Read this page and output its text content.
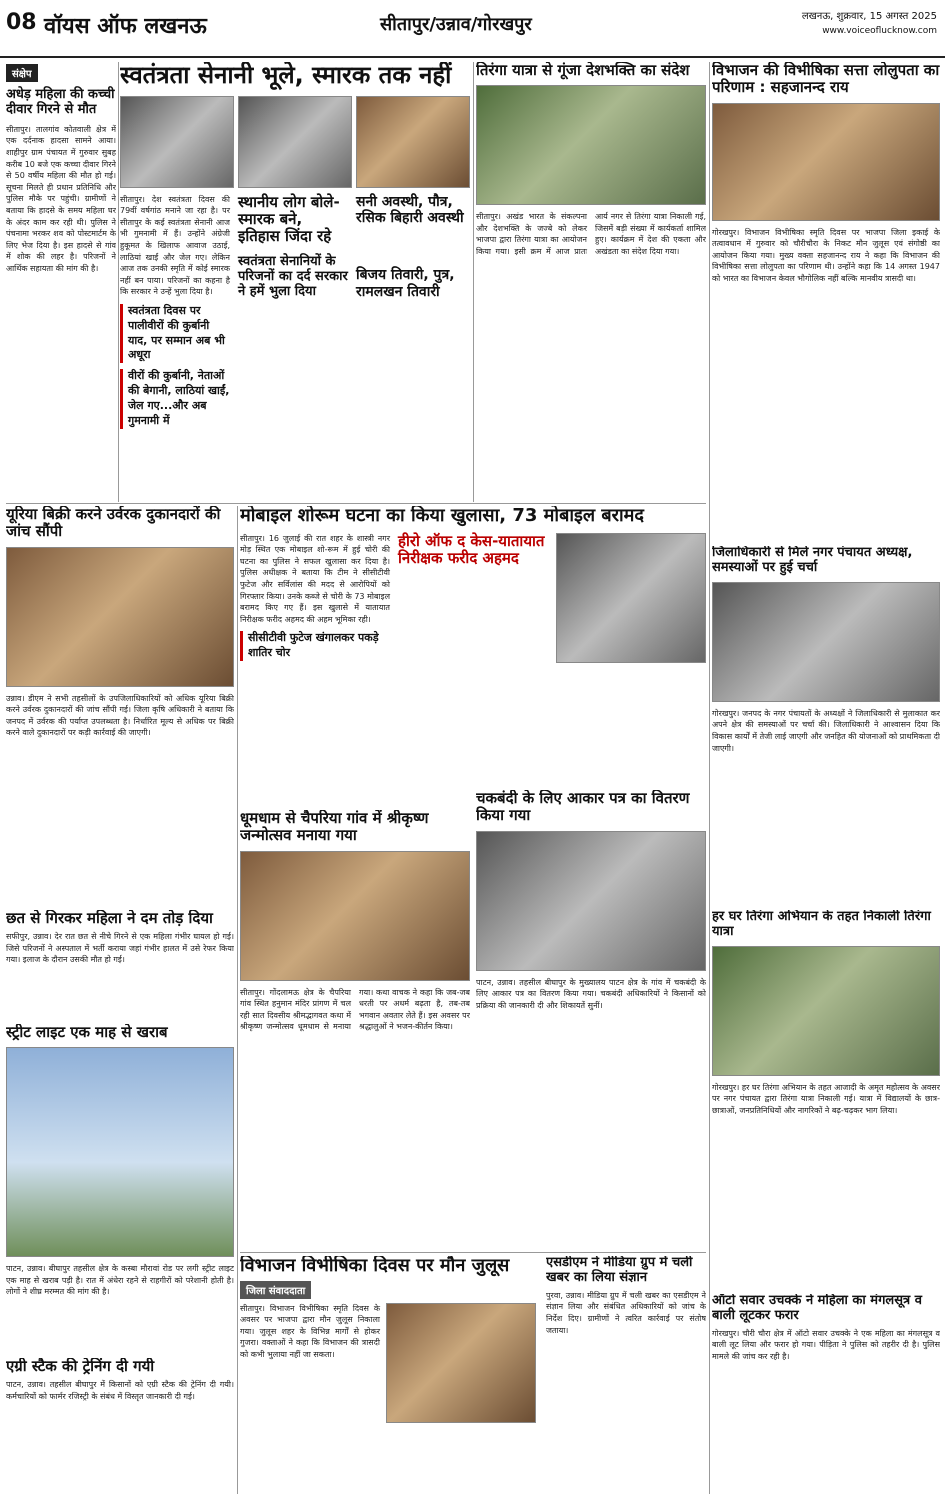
08 वॉयस ऑफ लखनऊ	सीतापुर/उन्नाव/गोरखपुर	लखनऊ, शुक्रवार, 15 अगस्त 2025
www.voiceoflucknow.com
संक्षेप
अधेड़ महिला की कच्ची दीवार गिरने से मौत
सीतापुर। तालगांव कोतवाली क्षेत्र में एक दर्दनाक हादसा सामने आया। शाहीपुर ग्राम पंचायत में गुरुवार सुबह करीब 10 बजे एक कच्चा दीवार गिरने से 50 वर्षीय महिला की मौत हो गई। सूचना मिलते ही प्रधान प्रतिनिधि और पुलिस मौके पर पहुंची। ग्रामीणों ने बताया कि हादसे के समय महिला घर के अंदर काम कर रही थी। पुलिस ने पंचनामा भरकर शव को पोस्टमार्टम के लिए भेज दिया है। इस हादसे से गांव में शोक की लहर है। परिजनों ने आर्थिक सहायता की मांग की है।
स्वतंत्रता सेनानी भूले, स्मारक तक नहीं
सीतापुर। देश स्वतंत्रता दिवस की 79वीं वर्षगांठ मनाने जा रहा है। पर सीतापुर के कई स्वतंत्रता सेनानी आज भी गुमनामी में हैं। उन्होंने अंग्रेजी हुकूमत के खिलाफ आवाज उठाई, लाठियां खाईं और जेल गए। लेकिन आज तक उनकी स्मृति में कोई स्मारक नहीं बन पाया। परिजनों का कहना है कि सरकार ने उन्हें भुला दिया है।
स्वतंत्रता दिवस पर पालीवीरों की कुर्बानी याद, पर सम्मान अब भी अधूरा
वीरों की कुर्बानी, नेताओं की बेगानी, लाठियां खाईं, जेल गए...और अब गुमनामी में
स्थानीय लोग बोले-स्मारक बने, इतिहास जिंदा रहे
स्वतंत्रता सेनानियों के परिजनों का दर्द सरकार ने हमें भुला दिया
सनी अवस्थी, पौत्र, रसिक बिहारी अवस्थी
बिजय तिवारी, पुत्र, रामलखन तिवारी
तिरंगा यात्रा से गूंजा देशभक्ति का संदेश
सीतापुर। अखंड भारत के संकल्पना और देशभक्ति के जज्बे को लेकर भाजपा द्वारा तिरंगा यात्रा का आयोजन किया गया। इसी क्रम में आज प्रातः आर्य नगर से तिरंगा यात्रा निकाली गई, जिसमें बड़ी संख्या में कार्यकर्ता शामिल हुए। कार्यक्रम में देश की एकता और अखंडता का संदेश दिया गया।
विभाजन की विभीषिका सत्ता लोलुपता का परिणाम : सहजानन्द राय
गोरखपुर। विभाजन विभीषिका स्मृति दिवस पर भाजपा जिला इकाई के तत्वावधान में गुरुवार को चौरीचौरा के निकट मौन जुलूस एवं संगोष्ठी का आयोजन किया गया। मुख्य वक्ता सहजानन्द राय ने कहा कि विभाजन की विभीषिका सत्ता लोलुपता का परिणाम थी। उन्होंने कहा कि 14 अगस्त 1947 को भारत का विभाजन केवल भौगोलिक नहीं बल्कि मानवीय त्रासदी था।
यूरिया बिक्री करने उर्वरक दुकानदारों की जांच सौंपी
उन्नाव। डीएम ने सभी तहसीलों के उपजिलाधिकारियों को अधिक यूरिया बिक्री करने उर्वरक दुकानदारों की जांच सौंपी गई। जिला कृषि अधिकारी ने बताया कि जनपद में उर्वरक की पर्याप्त उपलब्धता है। निर्धारित मूल्य से अधिक पर बिक्री करने वाले दुकानदारों पर कड़ी कार्रवाई की जाएगी।
छत से गिरकर महिला ने दम तोड़ दिया
सफीपुर, उन्नाव। देर रात छत से नीचे गिरने से एक महिला गंभीर घायल हो गई। जिसे परिजनों ने अस्पताल में भर्ती कराया जहां गंभीर हालत में उसे रेफर किया गया। इलाज के दौरान उसकी मौत हो गई।
स्ट्रीट लाइट एक माह से खराब
पाटन, उन्नाव। बीघापुर तहसील क्षेत्र के कस्बा मौरावां रोड पर लगी स्ट्रीट लाइट एक माह से खराब पड़ी है। रात में अंधेरा रहने से राहगीरों को परेशानी होती है। लोगों ने शीघ्र मरम्मत की मांग की है।
एग्री स्टैक की ट्रेनिंग दी गयी
पाटन, उन्नाव। तहसील बीघापुर में किसानों को एग्री स्टैक की ट्रेनिंग दी गयी। कर्मचारियों को फार्मर रजिस्ट्री के संबंध में विस्तृत जानकारी दी गई।
मोबाइल शोरूम घटना का किया खुलासा, 73 मोबाइल बरामद
सीतापुर। 16 जुलाई की रात शहर के शास्त्री नगर मोड़ स्थित एक मोबाइल शो-रूम में हुई चोरी की घटना का पुलिस ने सफल खुलासा कर दिया है। पुलिस अधीक्षक ने बताया कि टीम ने सीसीटीवी फुटेज और सर्विलांस की मदद से आरोपियों को गिरफ्तार किया। उनके कब्जे से चोरी के 73 मोबाइल बरामद किए गए हैं। इस खुलासे में यातायात निरीक्षक फरीद अहमद की अहम भूमिका रही।
सीसीटीवी फुटेज खंगालकर पकड़े शातिर चोर
हीरो ऑफ द केस-यातायात निरीक्षक फरीद अहमद
धूमधाम से चैपरिया गांव में श्रीकृष्ण जन्मोत्सव मनाया गया
सीतापुर। गोंदलामऊ क्षेत्र के चैपरिया गांव स्थित हनुमान मंदिर प्रांगण में चल रही सात दिवसीय श्रीमद्भागवत कथा में श्रीकृष्ण जन्मोत्सव धूमधाम से मनाया गया। कथा वाचक ने कहा कि जब-जब धरती पर अधर्म बढ़ता है, तब-तब भगवान अवतार लेते हैं। इस अवसर पर श्रद्धालुओं ने भजन-कीर्तन किया।
चकबंदी के लिए आकार पत्र का वितरण किया गया
पाटन, उन्नाव। तहसील बीघापुर के मुख्यालय पाटन क्षेत्र के गांव में चकबंदी के लिए आकार पत्र का वितरण किया गया। चकबंदी अधिकारियों ने किसानों को प्रक्रिया की जानकारी दी और शिकायतें सुनीं।
जिलाधिकारी से मिले नगर पंचायत अध्यक्ष, समस्याओं पर हुई चर्चा
गोरखपुर। जनपद के नगर पंचायतों के अध्यक्षों ने जिलाधिकारी से मुलाकात कर अपने क्षेत्र की समस्याओं पर चर्चा की। जिलाधिकारी ने आश्वासन दिया कि विकास कार्यों में तेजी लाई जाएगी और जनहित की योजनाओं को प्राथमिकता दी जाएगी।
हर घर तिरंगा अभियान के तहत निकाली तिरंगा यात्रा
गोरखपुर। हर घर तिरंगा अभियान के तहत आजादी के अमृत महोत्सव के अवसर पर नगर पंचायत द्वारा तिरंगा यात्रा निकाली गई। यात्रा में विद्यालयों के छात्र-छात्राओं, जनप्रतिनिधियों और नागरिकों ने बढ़-चढ़कर भाग लिया।
ऑटो सवार उचक्के ने महिला का मंगलसूत्र व बाली लूटकर फरार
गोरखपुर। चौरी चौरा क्षेत्र में ऑटो सवार उचक्के ने एक महिला का मंगलसूत्र व बाली लूट लिया और फरार हो गया। पीड़िता ने पुलिस को तहरीर दी है। पुलिस मामले की जांच कर रही है।
विभाजन विभीषिका दिवस पर मौन जुलूस
जिला संवाददाता
सीतापुर। विभाजन विभीषिका स्मृति दिवस के अवसर पर भाजपा द्वारा मौन जुलूस निकाला गया। जुलूस शहर के विभिन्न मार्गों से होकर गुजरा। वक्ताओं ने कहा कि विभाजन की त्रासदी को कभी भुलाया नहीं जा सकता।
एसडीएम ने मीडिया ग्रुप में चली खबर का लिया संज्ञान
पुरवा, उन्नाव। मीडिया ग्रुप में चली खबर का एसडीएम ने संज्ञान लिया और संबंधित अधिकारियों को जांच के निर्देश दिए। ग्रामीणों ने त्वरित कार्रवाई पर संतोष जताया।
